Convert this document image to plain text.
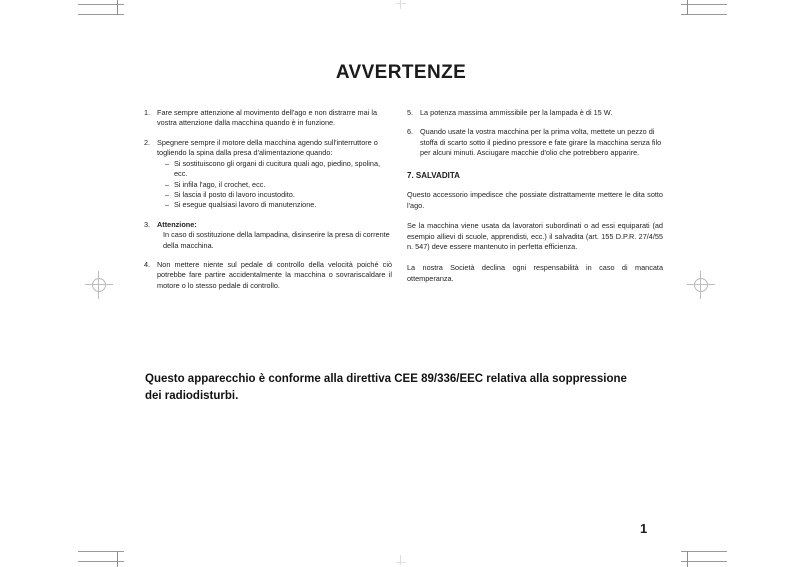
AVVERTENZE
1. Fare sempre attenzione al movimento dell'ago e non distrarre mai la vostra attenzione dalla macchina quando è in funzione.
2. Spegnere sempre il motore della macchina agendo sull'interruttore o togliendo la spina dalla presa d'alimentazione quando:
– Si sostituiscono gli organi di cucitura quali ago, piedino, spolina, ecc.
– Si infila l'ago, il crochet, ecc.
– Si lascia il posto di lavoro incustodito.
– Si esegue qualsiasi lavoro di manutenzione.
3. Attenzione:
In caso di sostituzione della lampadina, disinserire la presa di corrente della macchina.
4. Non mettere niente sul pedale di controllo della velocità poiché ciò potrebbe fare partire accidentalmente la macchina o sovrariscaldare il motore o lo stesso pedale di controllo.
5. La potenza massima ammissibile per la lampada è di 15 W.
6. Quando usate la vostra macchina per la prima volta, mettete un pezzo di stoffa di scarto sotto il piedino pressore e fate girare la macchina senza filo per alcuni minuti. Asciugare macchie d'olio che potrebbero apparire.
7. SALVADITA

Questo accessorio impedisce che possiate distrattamente mettere le dita sotto l'ago.

Se la macchina viene usata da lavoratori subordinati o ad essi equiparati (ad esempio allievi di scuole, apprendisti, ecc.) il salvadita (art. 155 D.P.R. 27/4/55 n. 547) deve essere mantenuto in perfetta efficienza.

La nostra Società declina ogni respensabilità in caso di mancata ottemperanza.

Questo apparecchio è conforme alla direttiva CEE 89/336/EEC relativa alla soppressione dei radiodisturbi.
1
